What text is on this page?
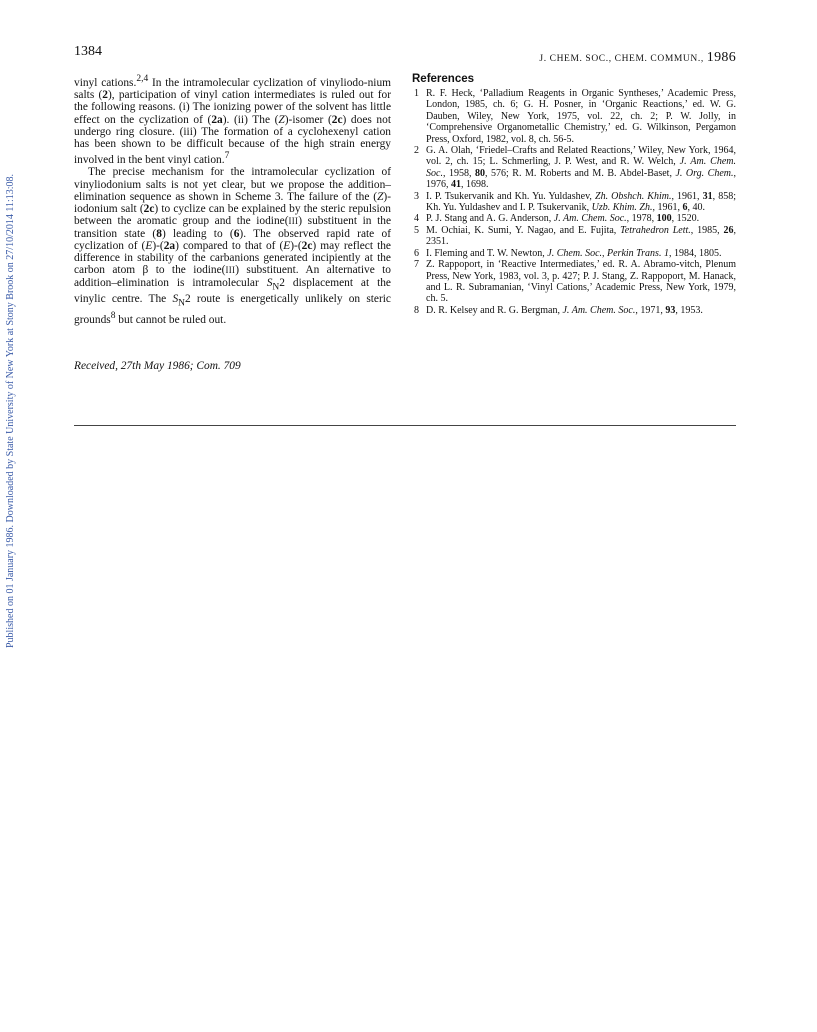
1384	J. CHEM. SOC., CHEM. COMMUN., 1986
Published on 01 January 1986. Downloaded by State University of New York at Stony Brook on 27/10/2014 11:13:08.

vinyl cations.$^{2,4}$ In the intramolecular cyclization of vinyliodo-nium salts (2), participation of vinyl cation intermediates is ruled out for the following reasons. (i) The ionizing power of the solvent has little effect on the cyclization of (2a). (ii) The (Z)-isomer (2c) does not undergo ring closure. (iii) The formation of a cyclohexenyl cation has been shown to be difficult because of the high strain energy involved in the bent vinyl cation.$^7$

The precise mechanism for the intramolecular cyclization of vinyliodonium salts is not yet clear, but we propose the addition–elimination sequence as shown in Scheme 3. The failure of the (Z)-iodonium salt (2c) to cyclize can be explained by the steric repulsion between the aromatic group and the iodine(III) substituent in the transition state (8) leading to (6). The observed rapid rate of cyclization of (E)-(2a) compared to that of (E)-(2c) may reflect the difference in stability of the carbanions generated incipiently at the carbon atom β to the iodine(III) substituent. An alternative to addition–elimination is intramolecular $S_N2$ displacement at the vinylic centre. The $S_N2$ route is energetically unlikely on steric grounds$^8$ but cannot be ruled out.

Received, 27th May 1986; Com. 709
References
1 R. F. Heck, ‘Palladium Reagents in Organic Syntheses,’ Academic Press, London, 1985, ch. 6; G. H. Posner, in ‘Organic Reactions,’ ed. W. G. Dauben, Wiley, New York, 1975, vol. 22, ch. 2; P. W. Jolly, in ‘Comprehensive Organometallic Chemistry,’ ed. G. Wilkinson, Pergamon Press, Oxford, 1982, vol. 8, ch. 56-5.
2 G. A. Olah, ‘Friedel–Crafts and Related Reactions,’ Wiley, New York, 1964, vol. 2, ch. 15; L. Schmerling, J. P. West, and R. W. Welch, J. Am. Chem. Soc., 1958, 80, 576; R. M. Roberts and M. B. Abdel-Baset, J. Org. Chem., 1976, 41, 1698.
3 I. P. Tsukervanik and Kh. Yu. Yuldashev, Zh. Obshch. Khim., 1961, 31, 858; Kh. Yu. Yuldashev and I. P. Tsukervanik, Uzb. Khim. Zh., 1961, 6, 40.
4 P. J. Stang and A. G. Anderson, J. Am. Chem. Soc., 1978, 100, 1520.
5 M. Ochiai, K. Sumi, Y. Nagao, and E. Fujita, Tetrahedron Lett., 1985, 26, 2351.
6 I. Fleming and T. W. Newton, J. Chem. Soc., Perkin Trans. 1, 1984, 1805.
7 Z. Rappoport, in ‘Reactive Intermediates,’ ed. R. A. Abramo-vitch, Plenum Press, New York, 1983, vol. 3, p. 427; P. J. Stang, Z. Rappoport, M. Hanack, and L. R. Subramanian, ‘Vinyl Cations,’ Academic Press, New York, 1979, ch. 5.
8 D. R. Kelsey and R. G. Bergman, J. Am. Chem. Soc., 1971, 93, 1953.
